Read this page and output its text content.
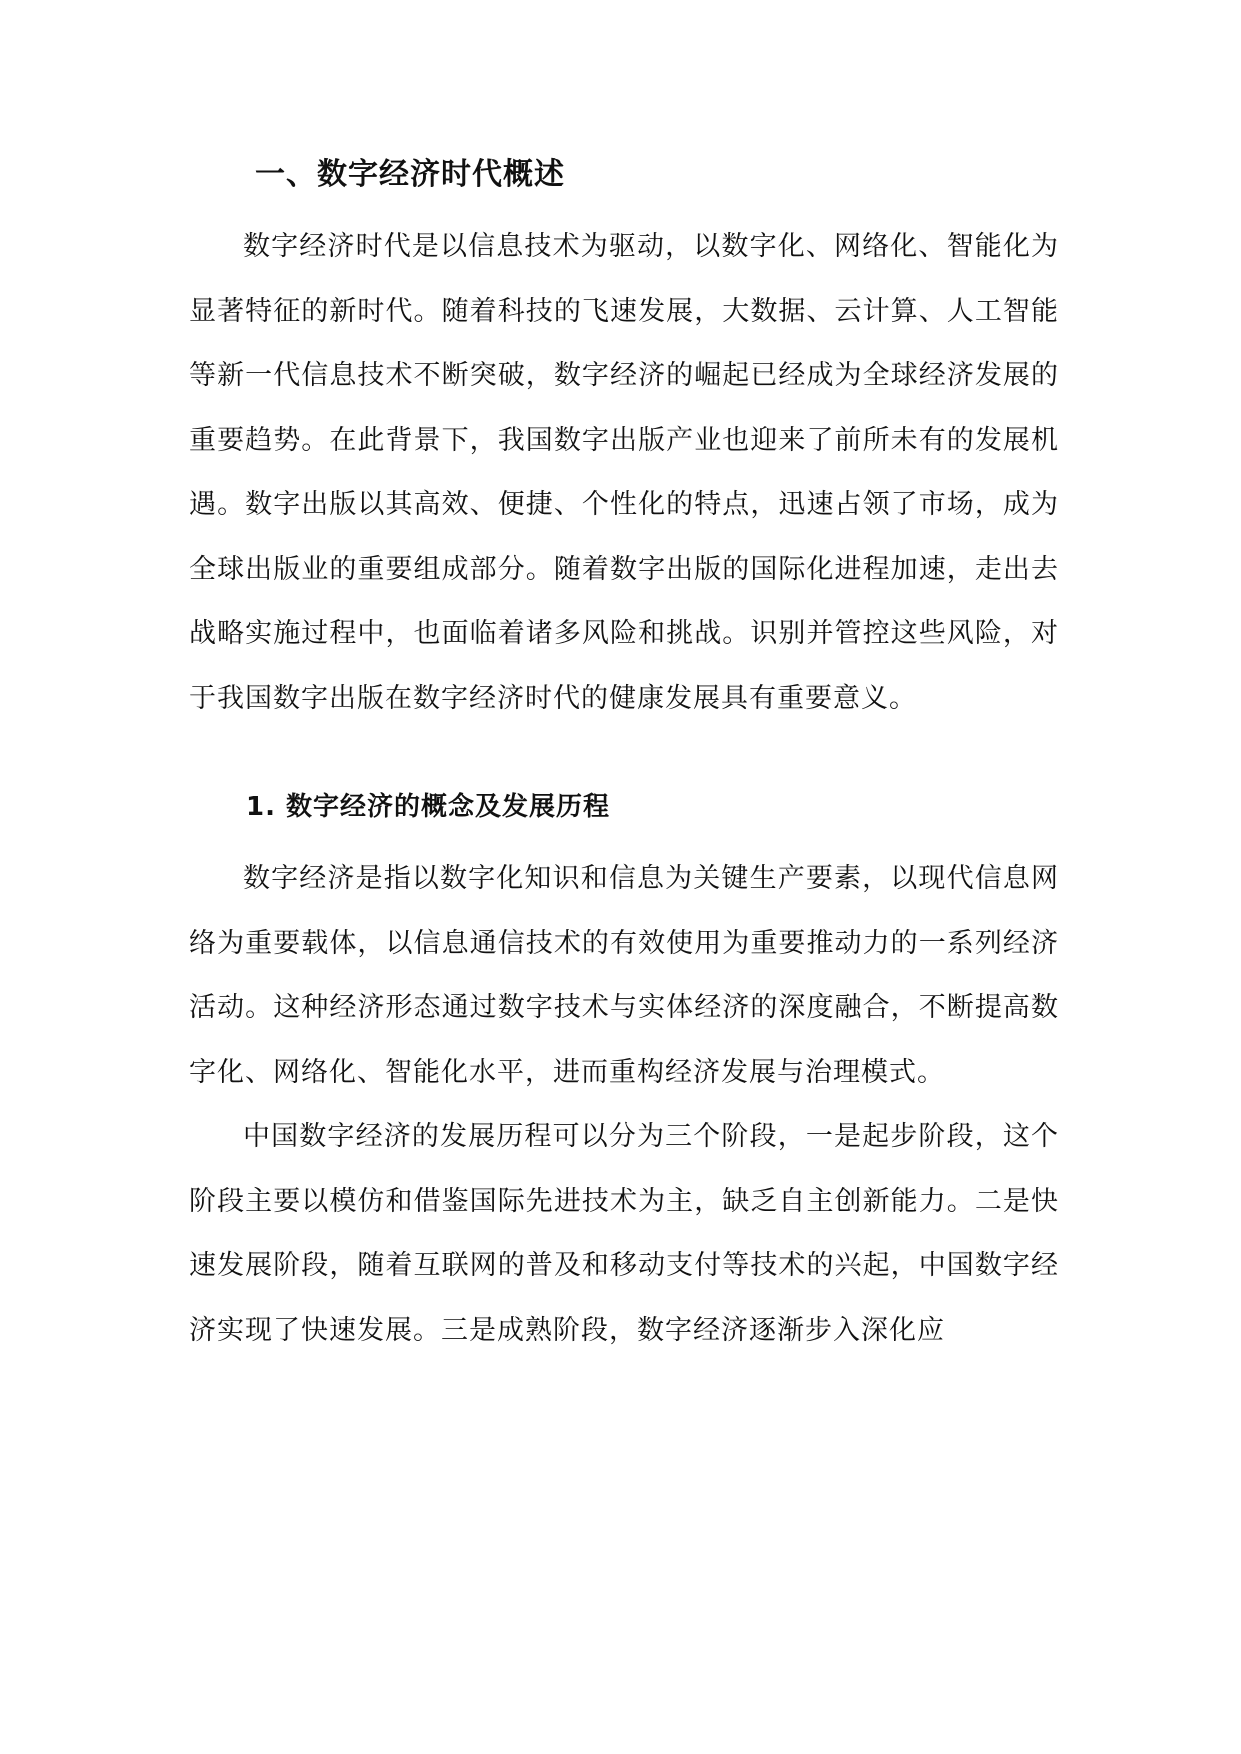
一、数字经济时代概述

数字经济时代是以信息技术为驱动，以数字化、网络化、智能化为显著特征的新时代。随着科技的飞速发展，大数据、云计算、人工智能等新一代信息技术不断突破，数字经济的崛起已经成为全球经济发展的重要趋势。在此背景下，我国数字出版产业也迎来了前所未有的发展机遇。数字出版以其高效、便捷、个性化的特点，迅速占领了市场，成为全球出版业的重要组成部分。随着数字出版的国际化进程加速，走出去战略实施过程中，也面临着诸多风险和挑战。识别并管控这些风险，对于我国数字出版在数字经济时代的健康发展具有重要意义。

1. 数字经济的概念及发展历程

数字经济是指以数字化知识和信息为关键生产要素，以现代信息网络为重要载体，以信息通信技术的有效使用为重要推动力的一系列经济活动。这种经济形态通过数字技术与实体经济的深度融合，不断提高数字化、网络化、智能化水平，进而重构经济发展与治理模式。

中国数字经济的发展历程可以分为三个阶段，一是起步阶段，这个阶段主要以模仿和借鉴国际先进技术为主，缺乏自主创新能力。二是快速发展阶段，随着互联网的普及和移动支付等技术的兴起，中国数字经济实现了快速发展。三是成熟阶段，数字经济逐渐步入深化应
